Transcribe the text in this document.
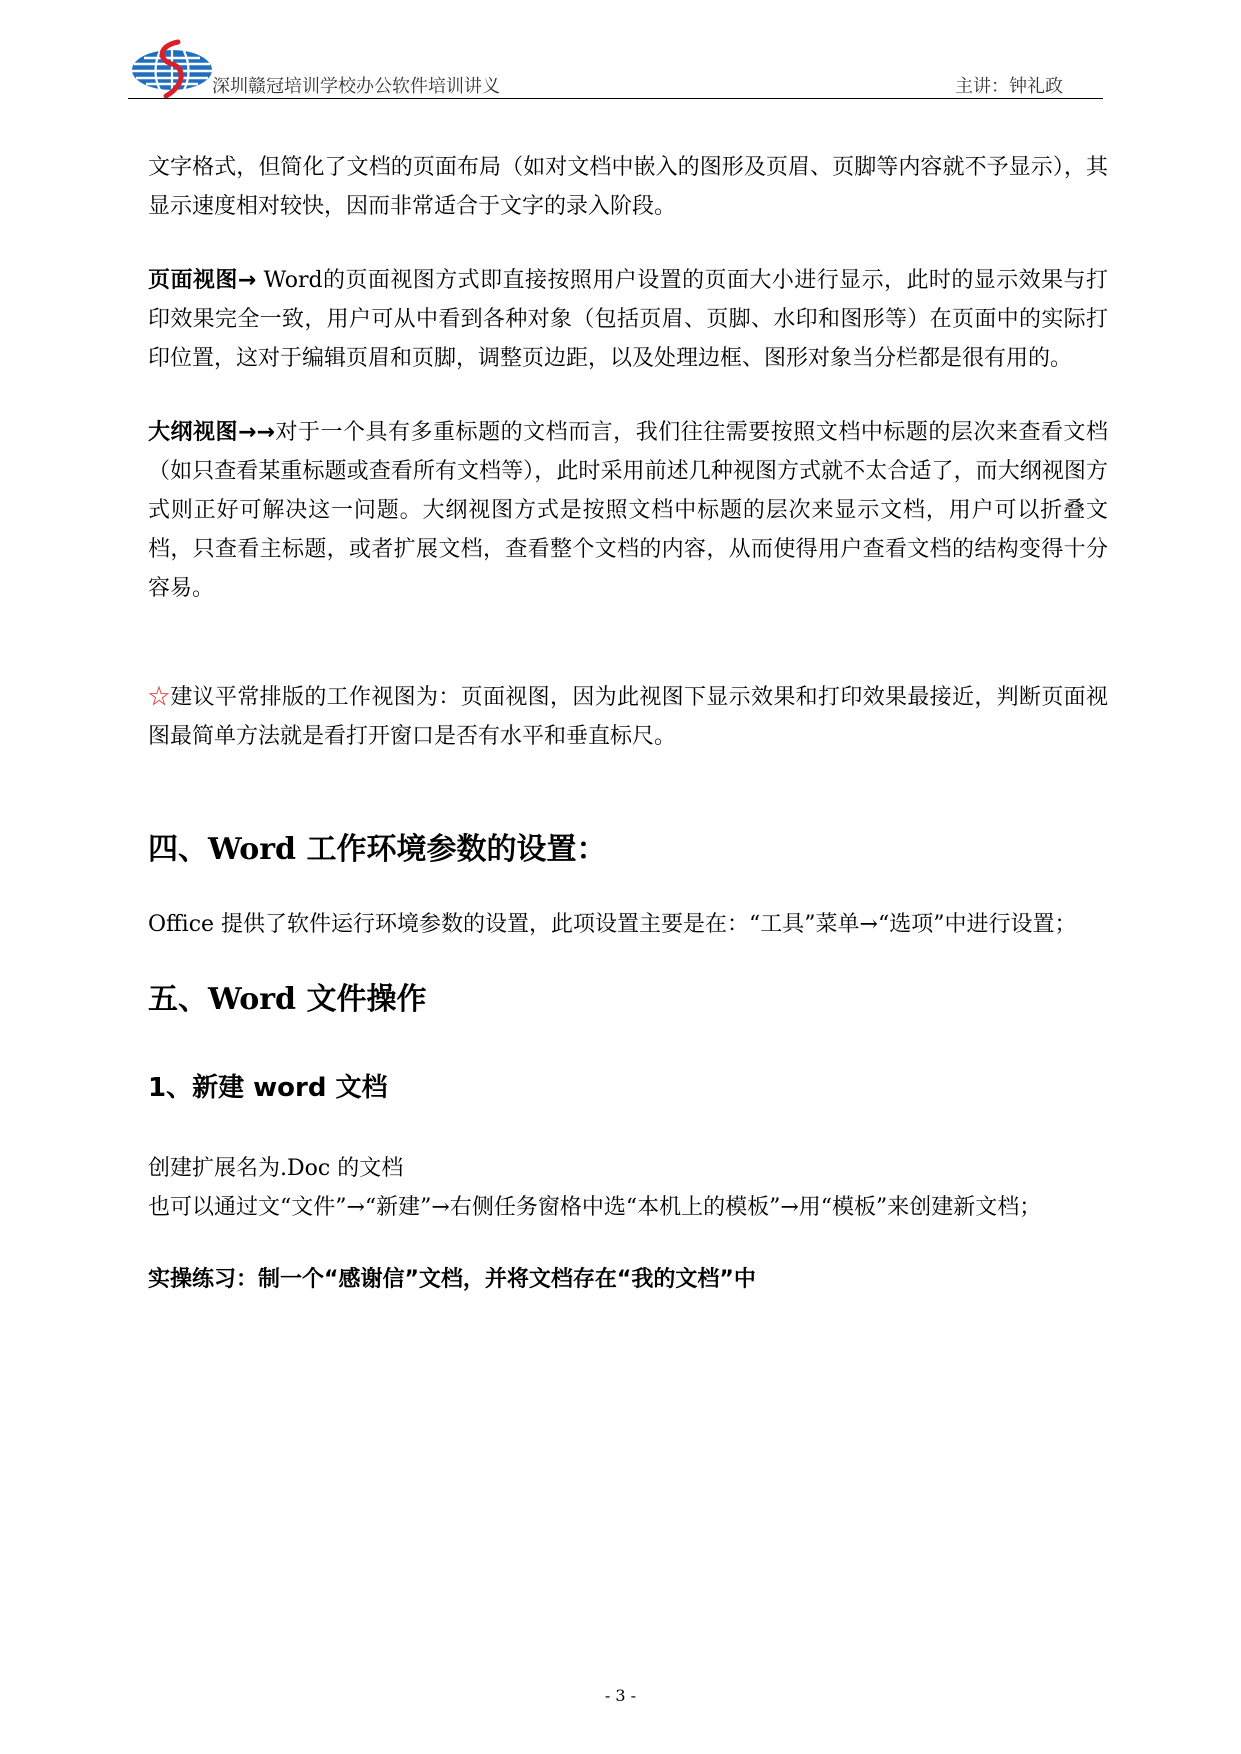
深圳赣冠培训学校办公软件培训讲义	主讲：钟礼政

文字格式，但简化了文档的页面布局（如对文档中嵌入的图形及页眉、页脚等内容就不予显示），其显示速度相对较快，因而非常适合于文字的录入阶段。

页面视图→ Word的页面视图方式即直接按照用户设置的页面大小进行显示，此时的显示效果与打印效果完全一致，用户可从中看到各种对象（包括页眉、页脚、水印和图形等）在页面中的实际打印位置，这对于编辑页眉和页脚，调整页边距，以及处理边框、图形对象当分栏都是很有用的。

大纲视图→→对于一个具有多重标题的文档而言，我们往往需要按照文档中标题的层次来查看文档（如只查看某重标题或查看所有文档等），此时采用前述几种视图方式就不太合适了，而大纲视图方式则正好可解决这一问题。大纲视图方式是按照文档中标题的层次来显示文档，用户可以折叠文档，只查看主标题，或者扩展文档，查看整个文档的内容，从而使得用户查看文档的结构变得十分容易。

☆建议平常排版的工作视图为：页面视图，因为此视图下显示效果和打印效果最接近，判断页面视图最简单方法就是看打开窗口是否有水平和垂直标尺。

四、Word 工作环境参数的设置：

Office 提供了软件运行环境参数的设置，此项设置主要是在：“工具”菜单→“选项”中进行设置；

五、Word 文件操作
1、新建 word 文档

创建扩展名为.Doc 的文档

也可以通过文“文件”→“新建”→右侧任务窗格中选“本机上的模板”→用“模板”来创建新文档；

实操练习：制一个“感谢信”文档，并将文档存在“我的文档”中

- 3 -
